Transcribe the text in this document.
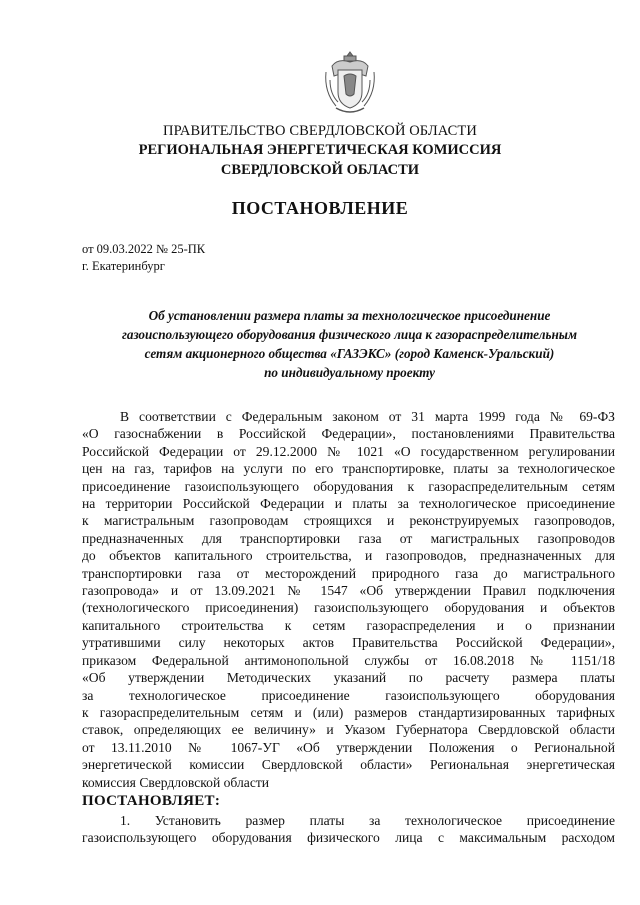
ПРАВИТЕЛЬСТВО СВЕРДЛОВСКОЙ ОБЛАСТИ
РЕГИОНАЛЬНАЯ ЭНЕРГЕТИЧЕСКАЯ КОМИССИЯ
СВЕРДЛОВСКОЙ ОБЛАСТИ
ПОСТАНОВЛЕНИЕ
от 09.03.2022 № 25-ПК
г. Екатеринбург
Об установлении размера платы за технологическое присоединение
газоиспользующего оборудования физического лица к газораспределительным
сетям акционерного общества «ГАЗЭКС» (город Каменск-Уральский)
по индивидуальному проекту
В соответствии с Федеральным законом от 31 марта 1999 года № 69-ФЗ
«О газоснабжении в Российской Федерации», постановлениями Правительства
Российской Федерации от 29.12.2000 № 1021 «О государственном регулировании
цен на газ, тарифов на услуги по его транспортировке, платы за технологическое
присоединение газоиспользующего оборудования к газораспределительным сетям
на территории Российской Федерации и платы за технологическое присоединение
к магистральным газопроводам строящихся и реконструируемых газопроводов,
предназначенных для транспортировки газа от магистральных газопроводов
до объектов капитального строительства, и газопроводов, предназначенных для
транспортировки газа от месторождений природного газа до магистрального
газопровода» и от 13.09.2021 № 1547 «Об утверждении Правил подключения
(технологического присоединения) газоиспользующего оборудования и объектов
капитального строительства к сетям газораспределения и о признании
утратившими силу некоторых актов Правительства Российской Федерации»,
приказом Федеральной антимонопольной службы от 16.08.2018 № 1151/18
«Об утверждении Методических указаний по расчету размера платы
за технологическое присоединение газоиспользующего оборудования
к газораспределительным сетям и (или) размеров стандартизированных тарифных
ставок, определяющих ее величину» и Указом Губернатора Свердловской области
от 13.11.2010 № 1067-УГ «Об утверждении Положения о Региональной
энергетической комиссии Свердловской области» Региональная энергетическая
комиссия Свердловской области
ПОСТАНОВЛЯЕТ:
1. Установить размер платы за технологическое присоединение
газоиспользующего оборудования физического лица с максимальным расходом
